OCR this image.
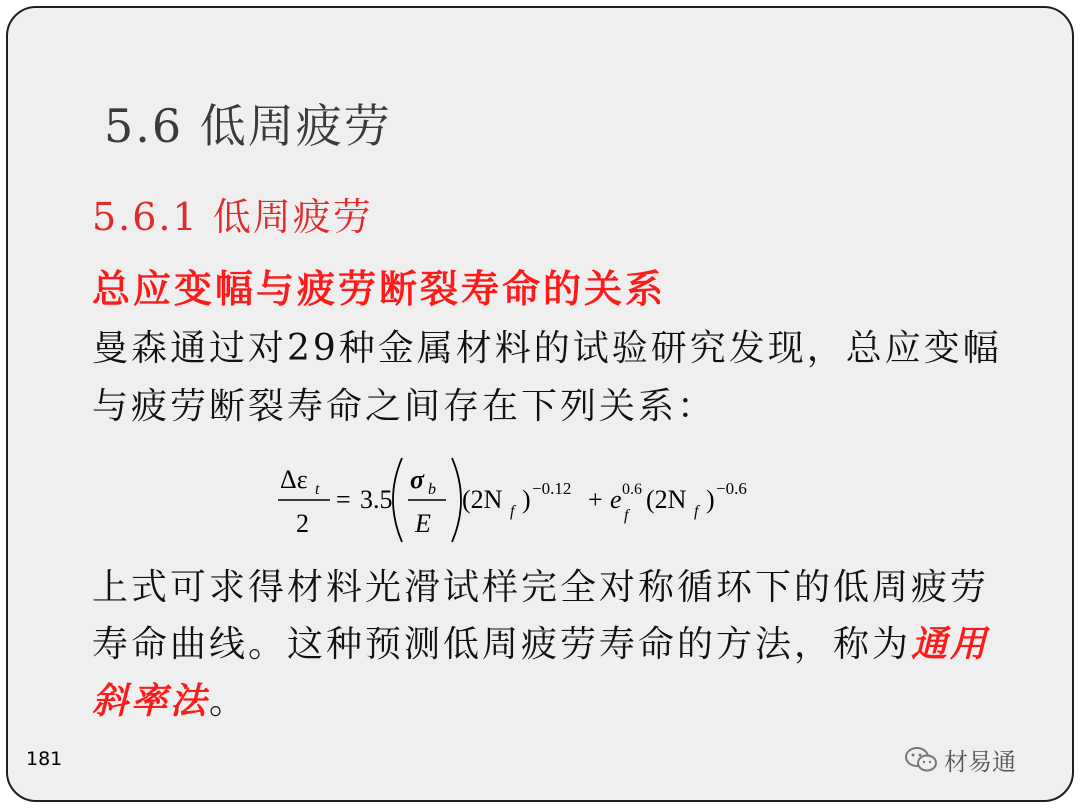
5.6 低周疲劳
5.6.1 低周疲劳
总应变幅与疲劳断裂寿命的关系
曼森通过对29种金属材料的试验研究发现，总应变幅与疲劳断裂寿命之间存在下列关系：
Δε t
2
= 3.5
σ b
E
(2N f ) −0.12 + e 0.6
f
(2N f ) −0.6
上式可求得材料光滑试样完全对称循环下的低周疲劳寿命曲线。这种预测低周疲劳寿命的方法，称为通用斜率法。
181	材易通
